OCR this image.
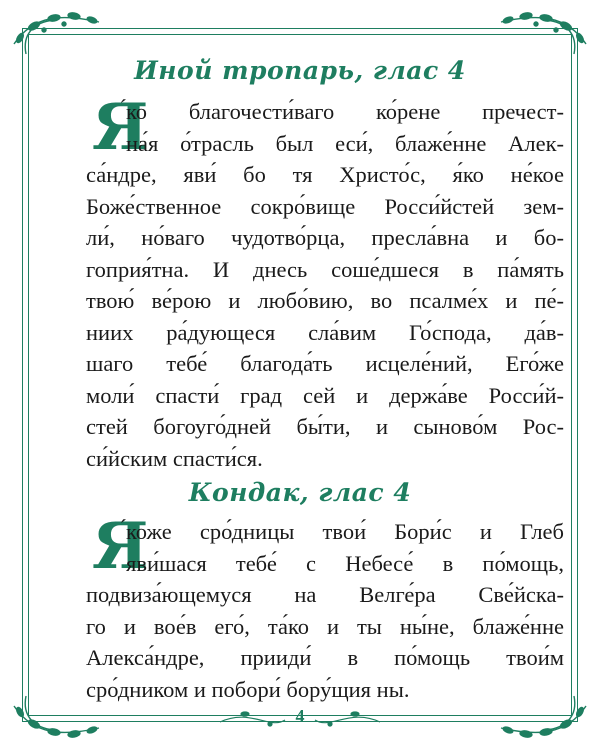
Иной тропарь, глас 4
Я
́ко благочести́ваго ко́рене пречест-
на́я о́трасль был еси́, блаже́нне Алек-
са́ндре, яви́ бо тя Христо́с, я́ко не́кое
Боже́ственное сокро́вище Росси́йстей зем-
ли́, но́ваго чудотво́рца, пресла́вна и бо-
гоприя́тна. И днесь соше́дшеся в па́мять
твою́ ве́рою и любо́вию, во псалме́х и пе́-
ниих ра́дующеся сла́вим Го́спода, да́в-
шаго тебе́ благода́ть исцеле́ний, Его́же
моли́ спасти́ град сей и держа́ве Росси́й-
стей богоуго́дней бы́ти, и сыново́м Рос-
си́йским спасти́ся.
Кондак, глас 4
Я
́коже сро́дницы твои́ Бори́с и Глеб
яви́шася тебе́ с Небесе́ в по́мощь,
подвиза́ющемуся на Велге́ра Све́йска-
го и вое́в его́, та́ко и ты ны́не, блаже́нне
Алекса́ндре, прииди́ в по́мощь твои́м
сро́дником и побори́ бору́щия ны.
4
